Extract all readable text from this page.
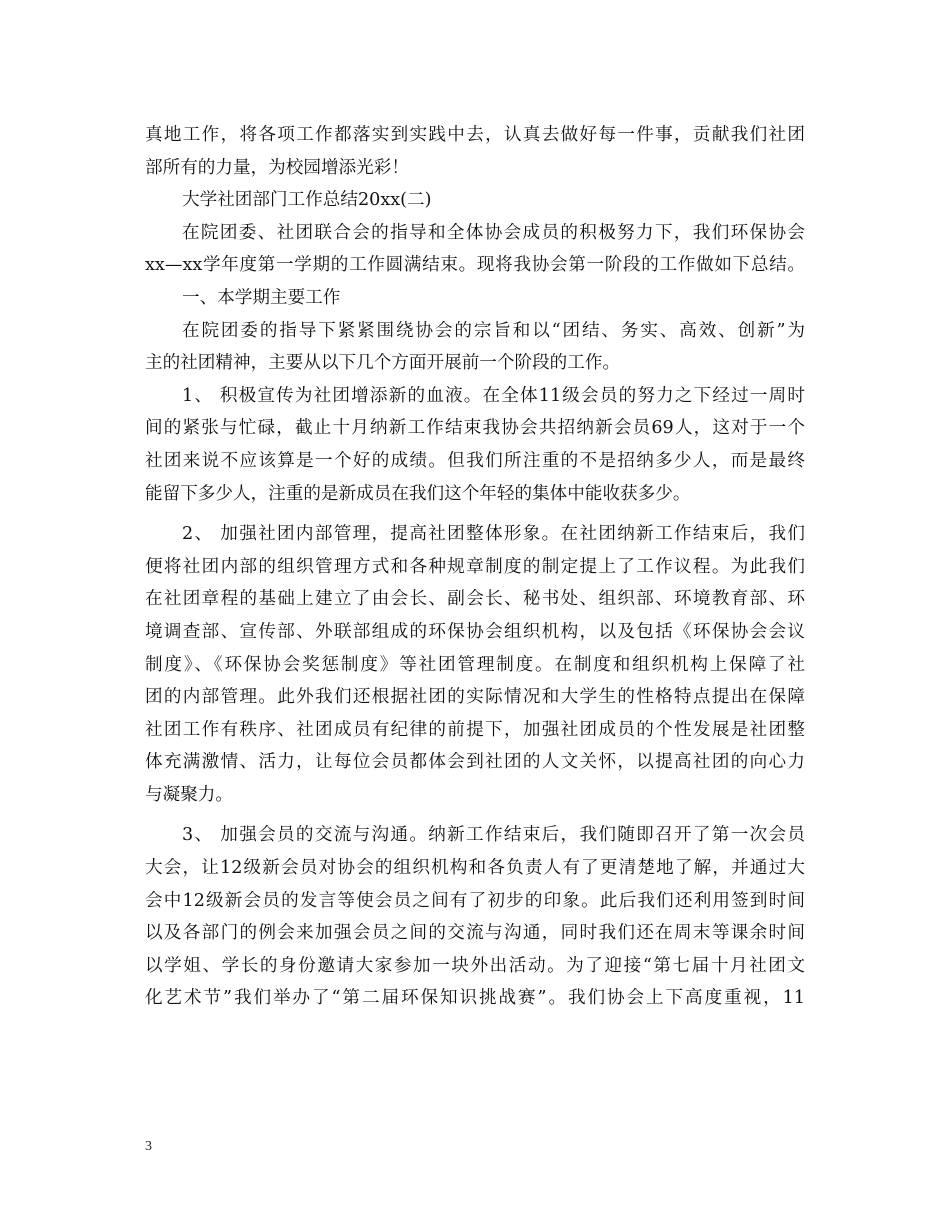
真地工作，将各项工作都落实到实践中去，认真去做好每一件事，贡献我们社团
部所有的力量，为校园增添光彩！
大学社团部门工作总结20xx(二)
在院团委、社团联合会的指导和全体协会成员的积极努力下，我们环保协会
xx—xx学年度第一学期的工作圆满结束。现将我协会第一阶段的工作做如下总结。
一、本学期主要工作
在院团委的指导下紧紧围绕协会的宗旨和以“团结、务实、高效、创新”为
主的社团精神，主要从以下几个方面开展前一个阶段的工作。
1、 积极宣传为社团增添新的血液。在全体11级会员的努力之下经过一周时
间的紧张与忙碌，截止十月纳新工作结束我协会共招纳新会员69人，这对于一个
社团来说不应该算是一个好的成绩。但我们所注重的不是招纳多少人，而是最终
能留下多少人，注重的是新成员在我们这个年轻的集体中能收获多少。
2、 加强社团内部管理，提高社团整体形象。在社团纳新工作结束后，我们
便将社团内部的组织管理方式和各种规章制度的制定提上了工作议程。为此我们
在社团章程的基础上建立了由会长、副会长、秘书处、组织部、环境教育部、环
境调查部、宣传部、外联部组成的环保协会组织机构，以及包括《环保协会会议
制度》、《环保协会奖惩制度》等社团管理制度。在制度和组织机构上保障了社
团的内部管理。此外我们还根据社团的实际情况和大学生的性格特点提出在保障
社团工作有秩序、社团成员有纪律的前提下，加强社团成员的个性发展是社团整
体充满激情、活力，让每位会员都体会到社团的人文关怀，以提高社团的向心力
与凝聚力。
3、 加强会员的交流与沟通。纳新工作结束后，我们随即召开了第一次会员
大会，让12级新会员对协会的组织机构和各负责人有了更清楚地了解，并通过大
会中12级新会员的发言等使会员之间有了初步的印象。此后我们还利用签到时间
以及各部门的例会来加强会员之间的交流与沟通，同时我们还在周末等课余时间
以学姐、学长的身份邀请大家参加一块外出活动。为了迎接“第七届十月社团文
化艺术节”我们举办了“第二届环保知识挑战赛”。我们协会上下高度重视，11
3
